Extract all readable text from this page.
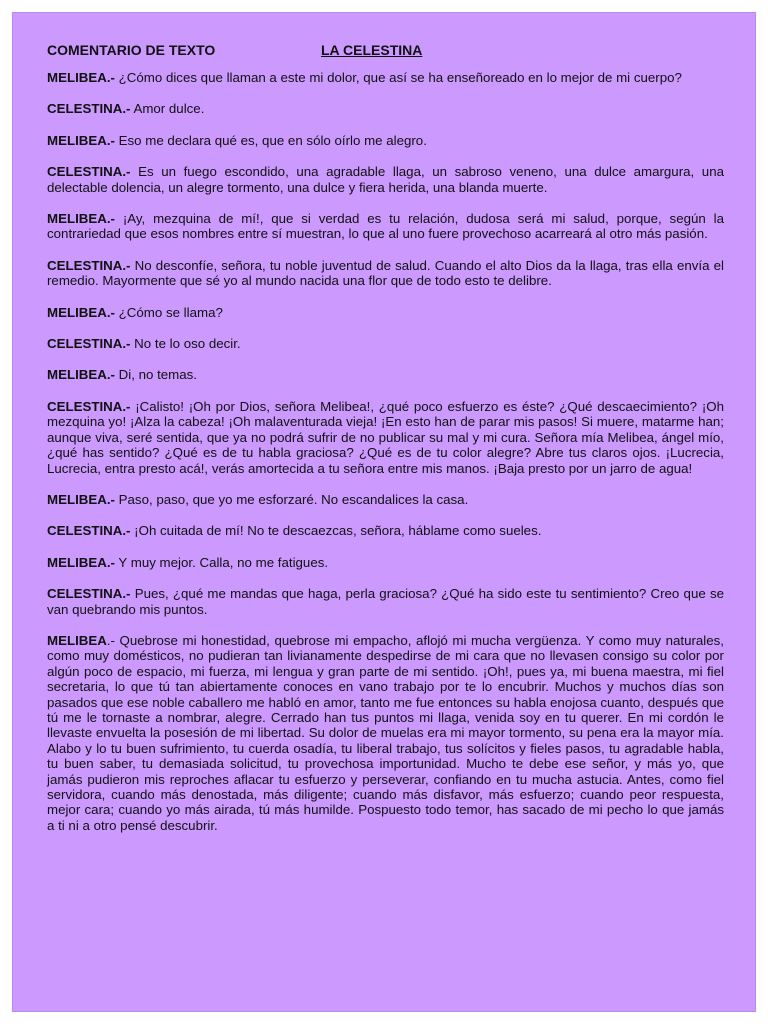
COMENTARIO DE TEXTO	LA CELESTINA

MELIBEA.- ¿Cómo dices que llaman a este mi dolor, que así se ha enseñoreado en lo mejor de mi cuerpo?

CELESTINA.- Amor dulce.

MELIBEA.- Eso me declara qué es, que en sólo oírlo me alegro.

CELESTINA.- Es un fuego escondido, una agradable llaga, un sabroso veneno, una dulce amargura, una delectable dolencia, un alegre tormento, una dulce y fiera herida, una blanda muerte.

MELIBEA.- ¡Ay, mezquina de mí!, que si verdad es tu relación, dudosa será mi salud, porque, según la contrariedad que esos nombres entre sí muestran, lo que al uno fuere provechoso acarreará al otro más pasión.

CELESTINA.- No desconfíe, señora, tu noble juventud de salud. Cuando el alto Dios da la llaga, tras ella envía el remedio. Mayormente que sé yo al mundo nacida una flor que de todo esto te delibre.

MELIBEA.- ¿Cómo se llama?

CELESTINA.- No te lo oso decir.

MELIBEA.- Di, no temas.

CELESTINA.- ¡Calisto! ¡Oh por Dios, señora Melibea!, ¿qué poco esfuerzo es éste? ¿Qué descaecimiento? ¡Oh mezquina yo! ¡Alza la cabeza! ¡Oh malaventurada vieja! ¡En esto han de parar mis pasos! Si muere, matarme han; aunque viva, seré sentida, que ya no podrá sufrir de no publicar su mal y mi cura. Señora mía Melibea, ángel mío, ¿qué has sentido? ¿Qué es de tu habla graciosa? ¿Qué es de tu color alegre? Abre tus claros ojos. ¡Lucrecia, Lucrecia, entra presto acá!, verás amortecida a tu señora entre mis manos. ¡Baja presto por un jarro de agua!

MELIBEA.- Paso, paso, que yo me esforzaré. No escandalices la casa.

CELESTINA.- ¡Oh cuitada de mí! No te descaezcas, señora, háblame como sueles.

MELIBEA.- Y muy mejor. Calla, no me fatigues.

CELESTINA.- Pues, ¿qué me mandas que haga, perla graciosa? ¿Qué ha sido este tu sentimiento? Creo que se van quebrando mis puntos.

MELIBEA.- Quebrose mi honestidad, quebrose mi empacho, aflojó mi mucha vergüenza. Y como muy naturales, como muy domésticos, no pudieran tan livianamente despedirse de mi cara que no llevasen consigo su color por algún poco de espacio, mi fuerza, mi lengua y gran parte de mi sentido. ¡Oh!, pues ya, mi buena maestra, mi fiel secretaria, lo que tú tan abiertamente conoces en vano trabajo por te lo encubrir. Muchos y muchos días son pasados que ese noble caballero me habló en amor, tanto me fue entonces su habla enojosa cuanto, después que tú me le tornaste a nombrar, alegre. Cerrado han tus puntos mi llaga, venida soy en tu querer. En mi cordón le llevaste envuelta la posesión de mi libertad. Su dolor de muelas era mi mayor tormento, su pena era la mayor mía. Alabo y lo tu buen sufrimiento, tu cuerda osadía, tu liberal trabajo, tus solícitos y fieles pasos, tu agradable habla, tu buen saber, tu demasiada solicitud, tu provechosa importunidad. Mucho te debe ese señor, y más yo, que jamás pudieron mis reproches aflacar tu esfuerzo y perseverar, confiando en tu mucha astucia. Antes, como fiel servidora, cuando más denostada, más diligente; cuando más disfavor, más esfuerzo; cuando peor respuesta, mejor cara; cuando yo más airada, tú más humilde. Pospuesto todo temor, has sacado de mi pecho lo que jamás a ti ni a otro pensé descubrir.
